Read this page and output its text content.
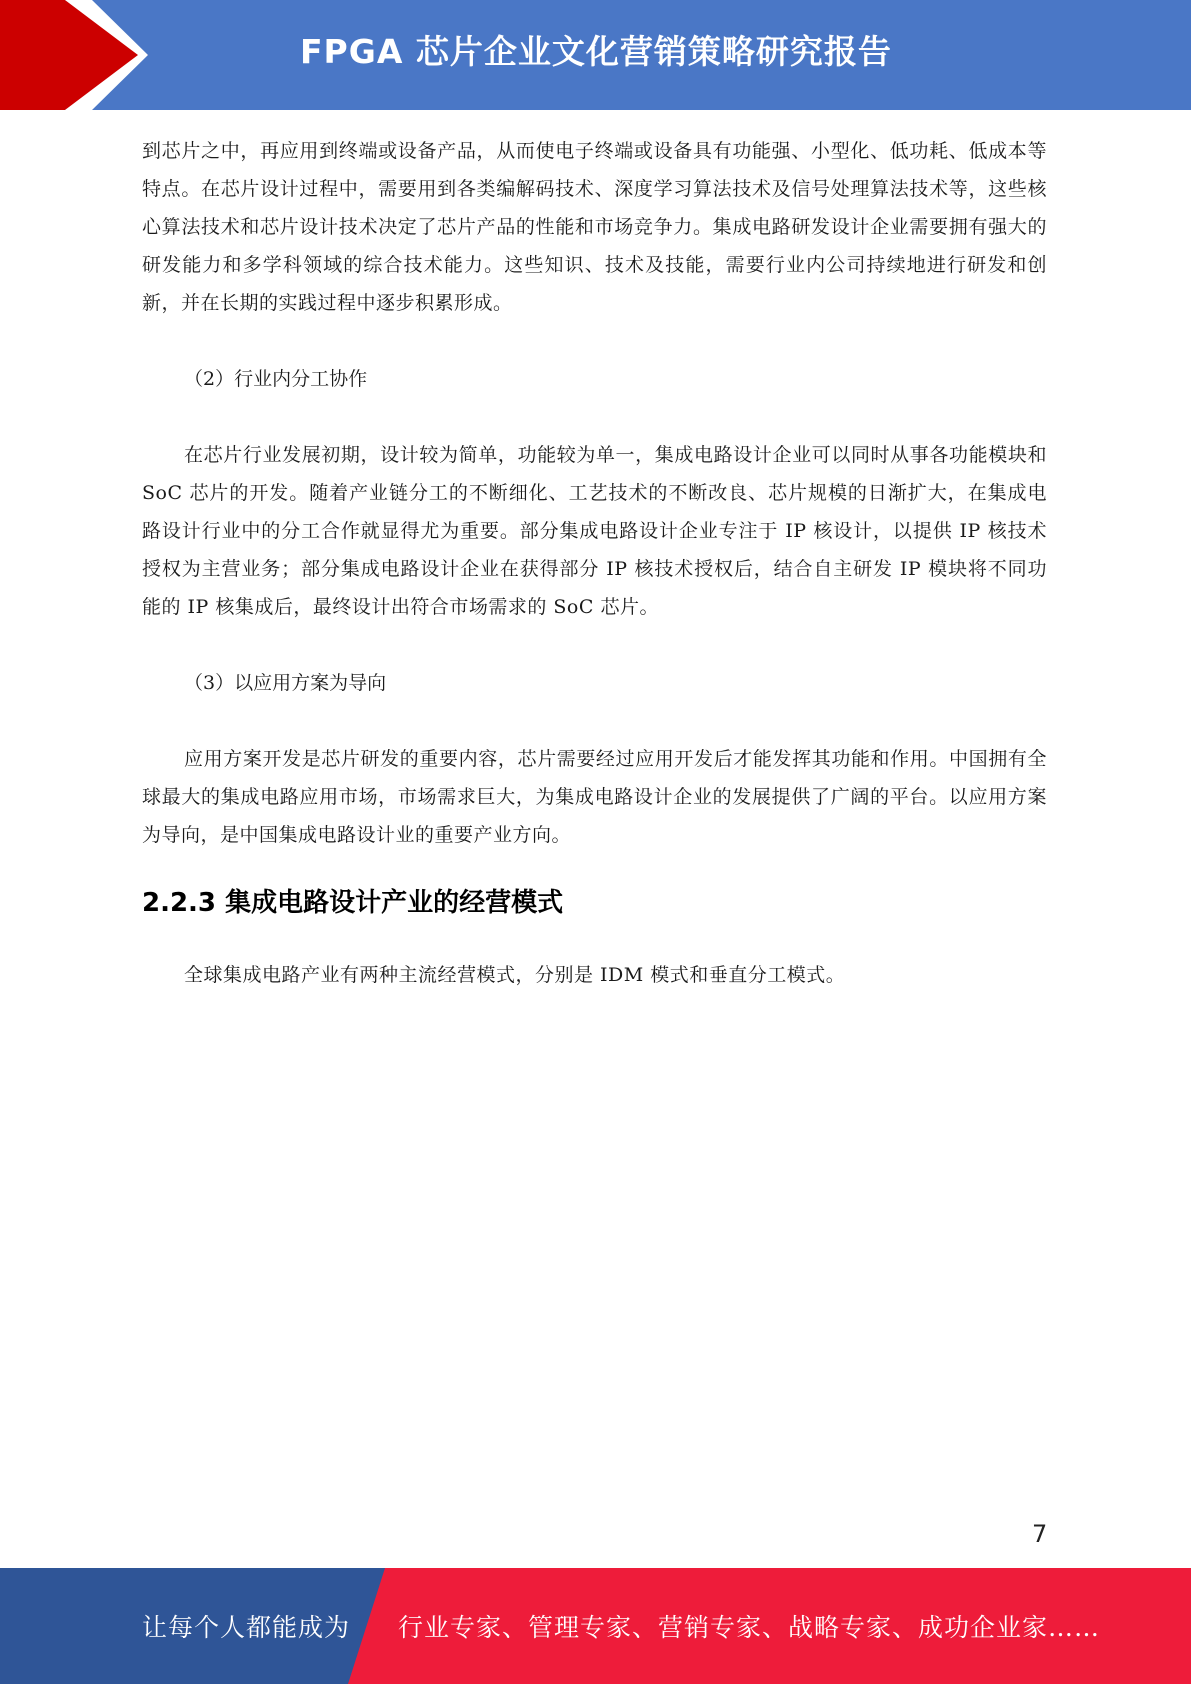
FPGA 芯片企业文化营销策略研究报告

到芯片之中，再应用到终端或设备产品，从而使电子终端或设备具有功能强、小型化、低功耗、低成本等特点。在芯片设计过程中，需要用到各类编解码技术、深度学习算法技术及信号处理算法技术等，这些核心算法技术和芯片设计技术决定了芯片产品的性能和市场竞争力。集成电路研发设计企业需要拥有强大的研发能力和多学科领域的综合技术能力。这些知识、技术及技能，需要行业内公司持续地进行研发和创新，并在长期的实践过程中逐步积累形成。

（2）行业内分工协作

在芯片行业发展初期，设计较为简单，功能较为单一，集成电路设计企业可以同时从事各功能模块和 SoC 芯片的开发。随着产业链分工的不断细化、工艺技术的不断改良、芯片规模的日渐扩大，在集成电路设计行业中的分工合作就显得尤为重要。部分集成电路设计企业专注于 IP 核设计，以提供 IP 核技术授权为主营业务；部分集成电路设计企业在获得部分 IP 核技术授权后，结合自主研发 IP 模块将不同功能的 IP 核集成后，最终设计出符合市场需求的 SoC 芯片。

（3）以应用方案为导向

应用方案开发是芯片研发的重要内容，芯片需要经过应用开发后才能发挥其功能和作用。中国拥有全球最大的集成电路应用市场，市场需求巨大，为集成电路设计企业的发展提供了广阔的平台。以应用方案为导向，是中国集成电路设计业的重要产业方向。

2.2.3 集成电路设计产业的经营模式

全球集成电路产业有两种主流经营模式，分别是 IDM 模式和垂直分工模式。

7
让每个人都能成为 行业专家、管理专家、营销专家、战略专家、成功企业家……
